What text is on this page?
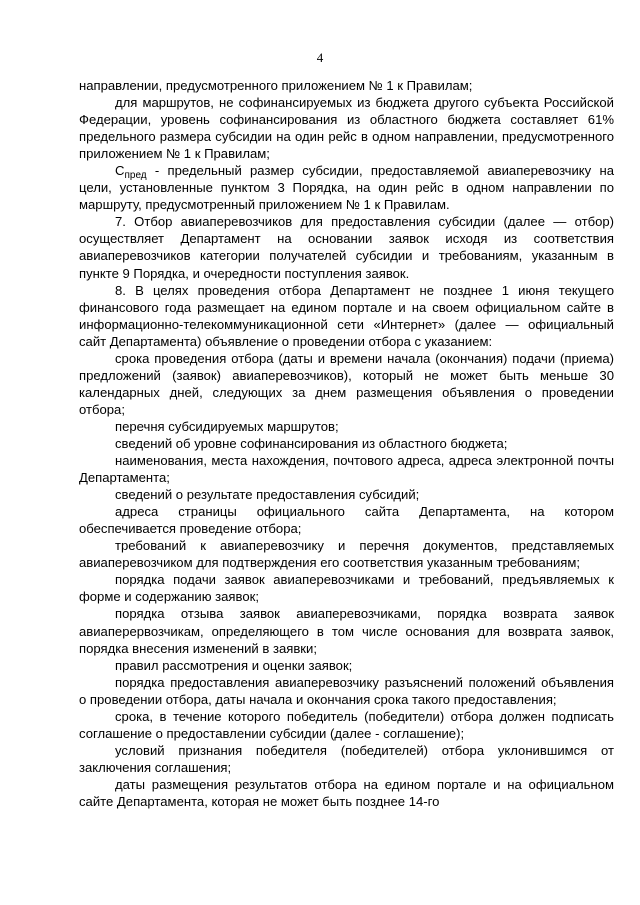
4

направлении, предусмотренного приложением № 1 к Правилам;

для маршрутов, не софинансируемых из бюджета другого субъекта Российской Федерации, уровень софинансирования из областного бюджета составляет 61% предельного размера субсидии на один рейс в одном направлении, предусмотренного приложением № 1 к Правилам;

$С_{пред}$ - предельный размер субсидии, предоставляемой авиаперевозчику на цели, установленные пунктом 3 Порядка, на один рейс в одном направлении по маршруту, предусмотренный приложением № 1 к Правилам.

7. Отбор авиаперевозчиков для предоставления субсидии (далее — отбор) осуществляет Департамент на основании заявок исходя из соответствия авиаперевозчиков категории получателей субсидии и требованиям, указанным в пункте 9 Порядка, и очередности поступления заявок.

8. В целях проведения отбора Департамент не позднее 1 июня текущего финансового года размещает на едином портале и на своем официальном сайте в информационно-телекоммуникационной сети «Интернет» (далее — официальный сайт Департамента) объявление о проведении отбора с указанием:

срока проведения отбора (даты и времени начала (окончания) подачи (приема) предложений (заявок) авиаперевозчиков), который не может быть меньше 30 календарных дней, следующих за днем размещения объявления о проведении отбора;

перечня субсидируемых маршрутов;

сведений об уровне софинансирования из областного бюджета;

наименования, места нахождения, почтового адреса, адреса электронной почты Департамента;

сведений о результате предоставления субсидий;

адреса страницы официального сайта Департамента, на котором обеспечивается проведение отбора;

требований к авиаперевозчику и перечня документов, представляемых авиаперевозчиком для подтверждения его соответствия указанным требованиям;

порядка подачи заявок авиаперевозчиками и требований, предъявляемых к форме и содержанию заявок;

порядка отзыва заявок авиаперевозчиками, порядка возврата заявок авиаперервозчикам, определяющего в том числе основания для возврата заявок, порядка внесения изменений в заявки;

правил рассмотрения и оценки заявок;

порядка предоставления авиаперевозчику разъяснений положений объявления о проведении отбора, даты начала и окончания срока такого предоставления;

срока, в течение которого победитель (победители) отбора должен подписать соглашение о предоставлении субсидии (далее - соглашение);

условий признания победителя (победителей) отбора уклонившимся от заключения соглашения;

даты размещения результатов отбора на едином портале и на официальном сайте Департамента, которая не может быть позднее 14-го
